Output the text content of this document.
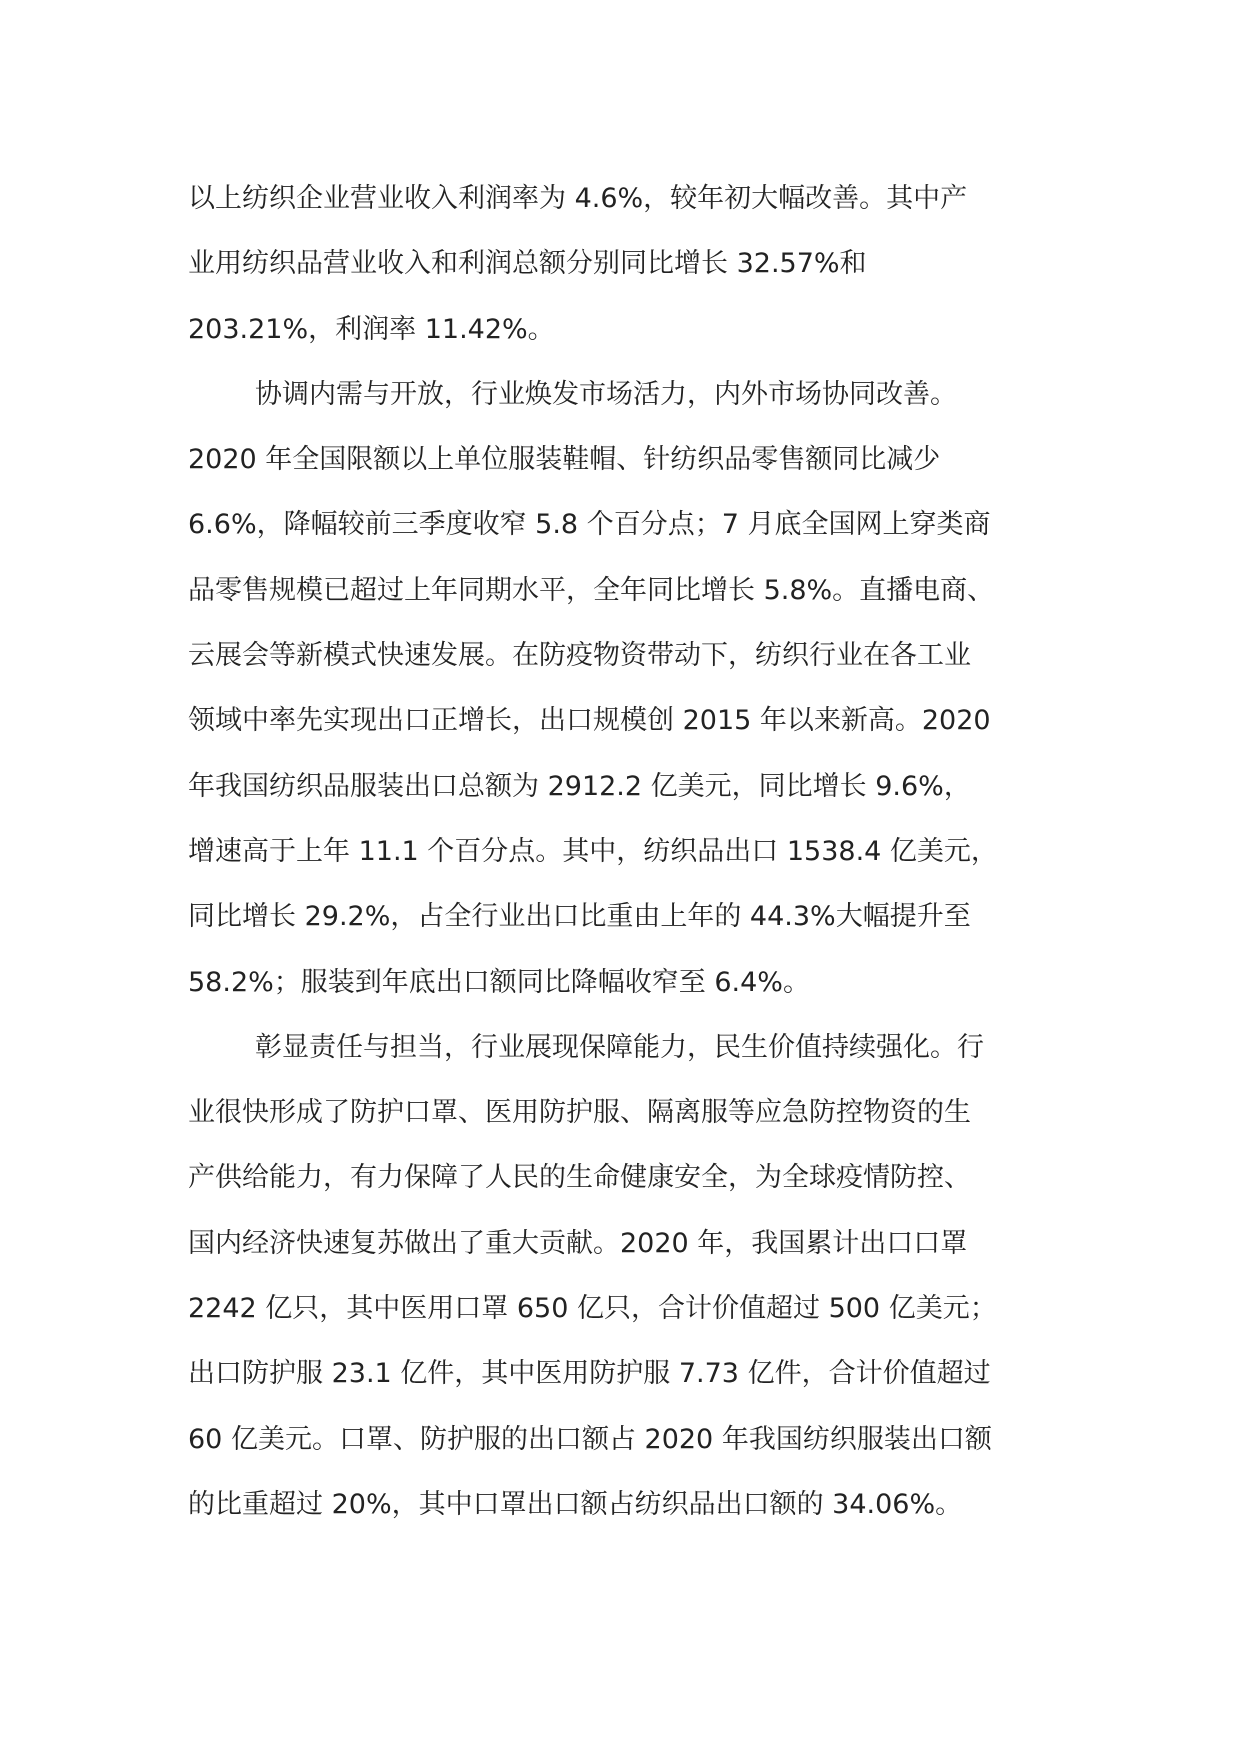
以上纺织企业营业收入利润率为 4.6%，较年初大幅改善。其中产
业用纺织品营业收入和利润总额分别同比增长 32.57%和
203.21%，利润率 11.42%。
协调内需与开放，行业焕发市场活力，内外市场协同改善。
2020 年全国限额以上单位服装鞋帽、针纺织品零售额同比减少
6.6%，降幅较前三季度收窄 5.8 个百分点；7 月底全国网上穿类商
品零售规模已超过上年同期水平，全年同比增长 5.8%。直播电商、
云展会等新模式快速发展。在防疫物资带动下，纺织行业在各工业
领域中率先实现出口正增长，出口规模创 2015 年以来新高。2020
年我国纺织品服装出口总额为 2912.2 亿美元，同比增长 9.6%，
增速高于上年 11.1 个百分点。其中，纺织品出口 1538.4 亿美元，
同比增长 29.2%，占全行业出口比重由上年的 44.3%大幅提升至
58.2%；服装到年底出口额同比降幅收窄至 6.4%。
彰显责任与担当，行业展现保障能力，民生价值持续强化。行
业很快形成了防护口罩、医用防护服、隔离服等应急防控物资的生
产供给能力，有力保障了人民的生命健康安全，为全球疫情防控、
国内经济快速复苏做出了重大贡献。2020 年，我国累计出口口罩
2242 亿只，其中医用口罩 650 亿只，合计价值超过 500 亿美元；
出口防护服 23.1 亿件，其中医用防护服 7.73 亿件，合计价值超过
60 亿美元。口罩、防护服的出口额占 2020 年我国纺织服装出口额
的比重超过 20%，其中口罩出口额占纺织品出口额的 34.06%。
